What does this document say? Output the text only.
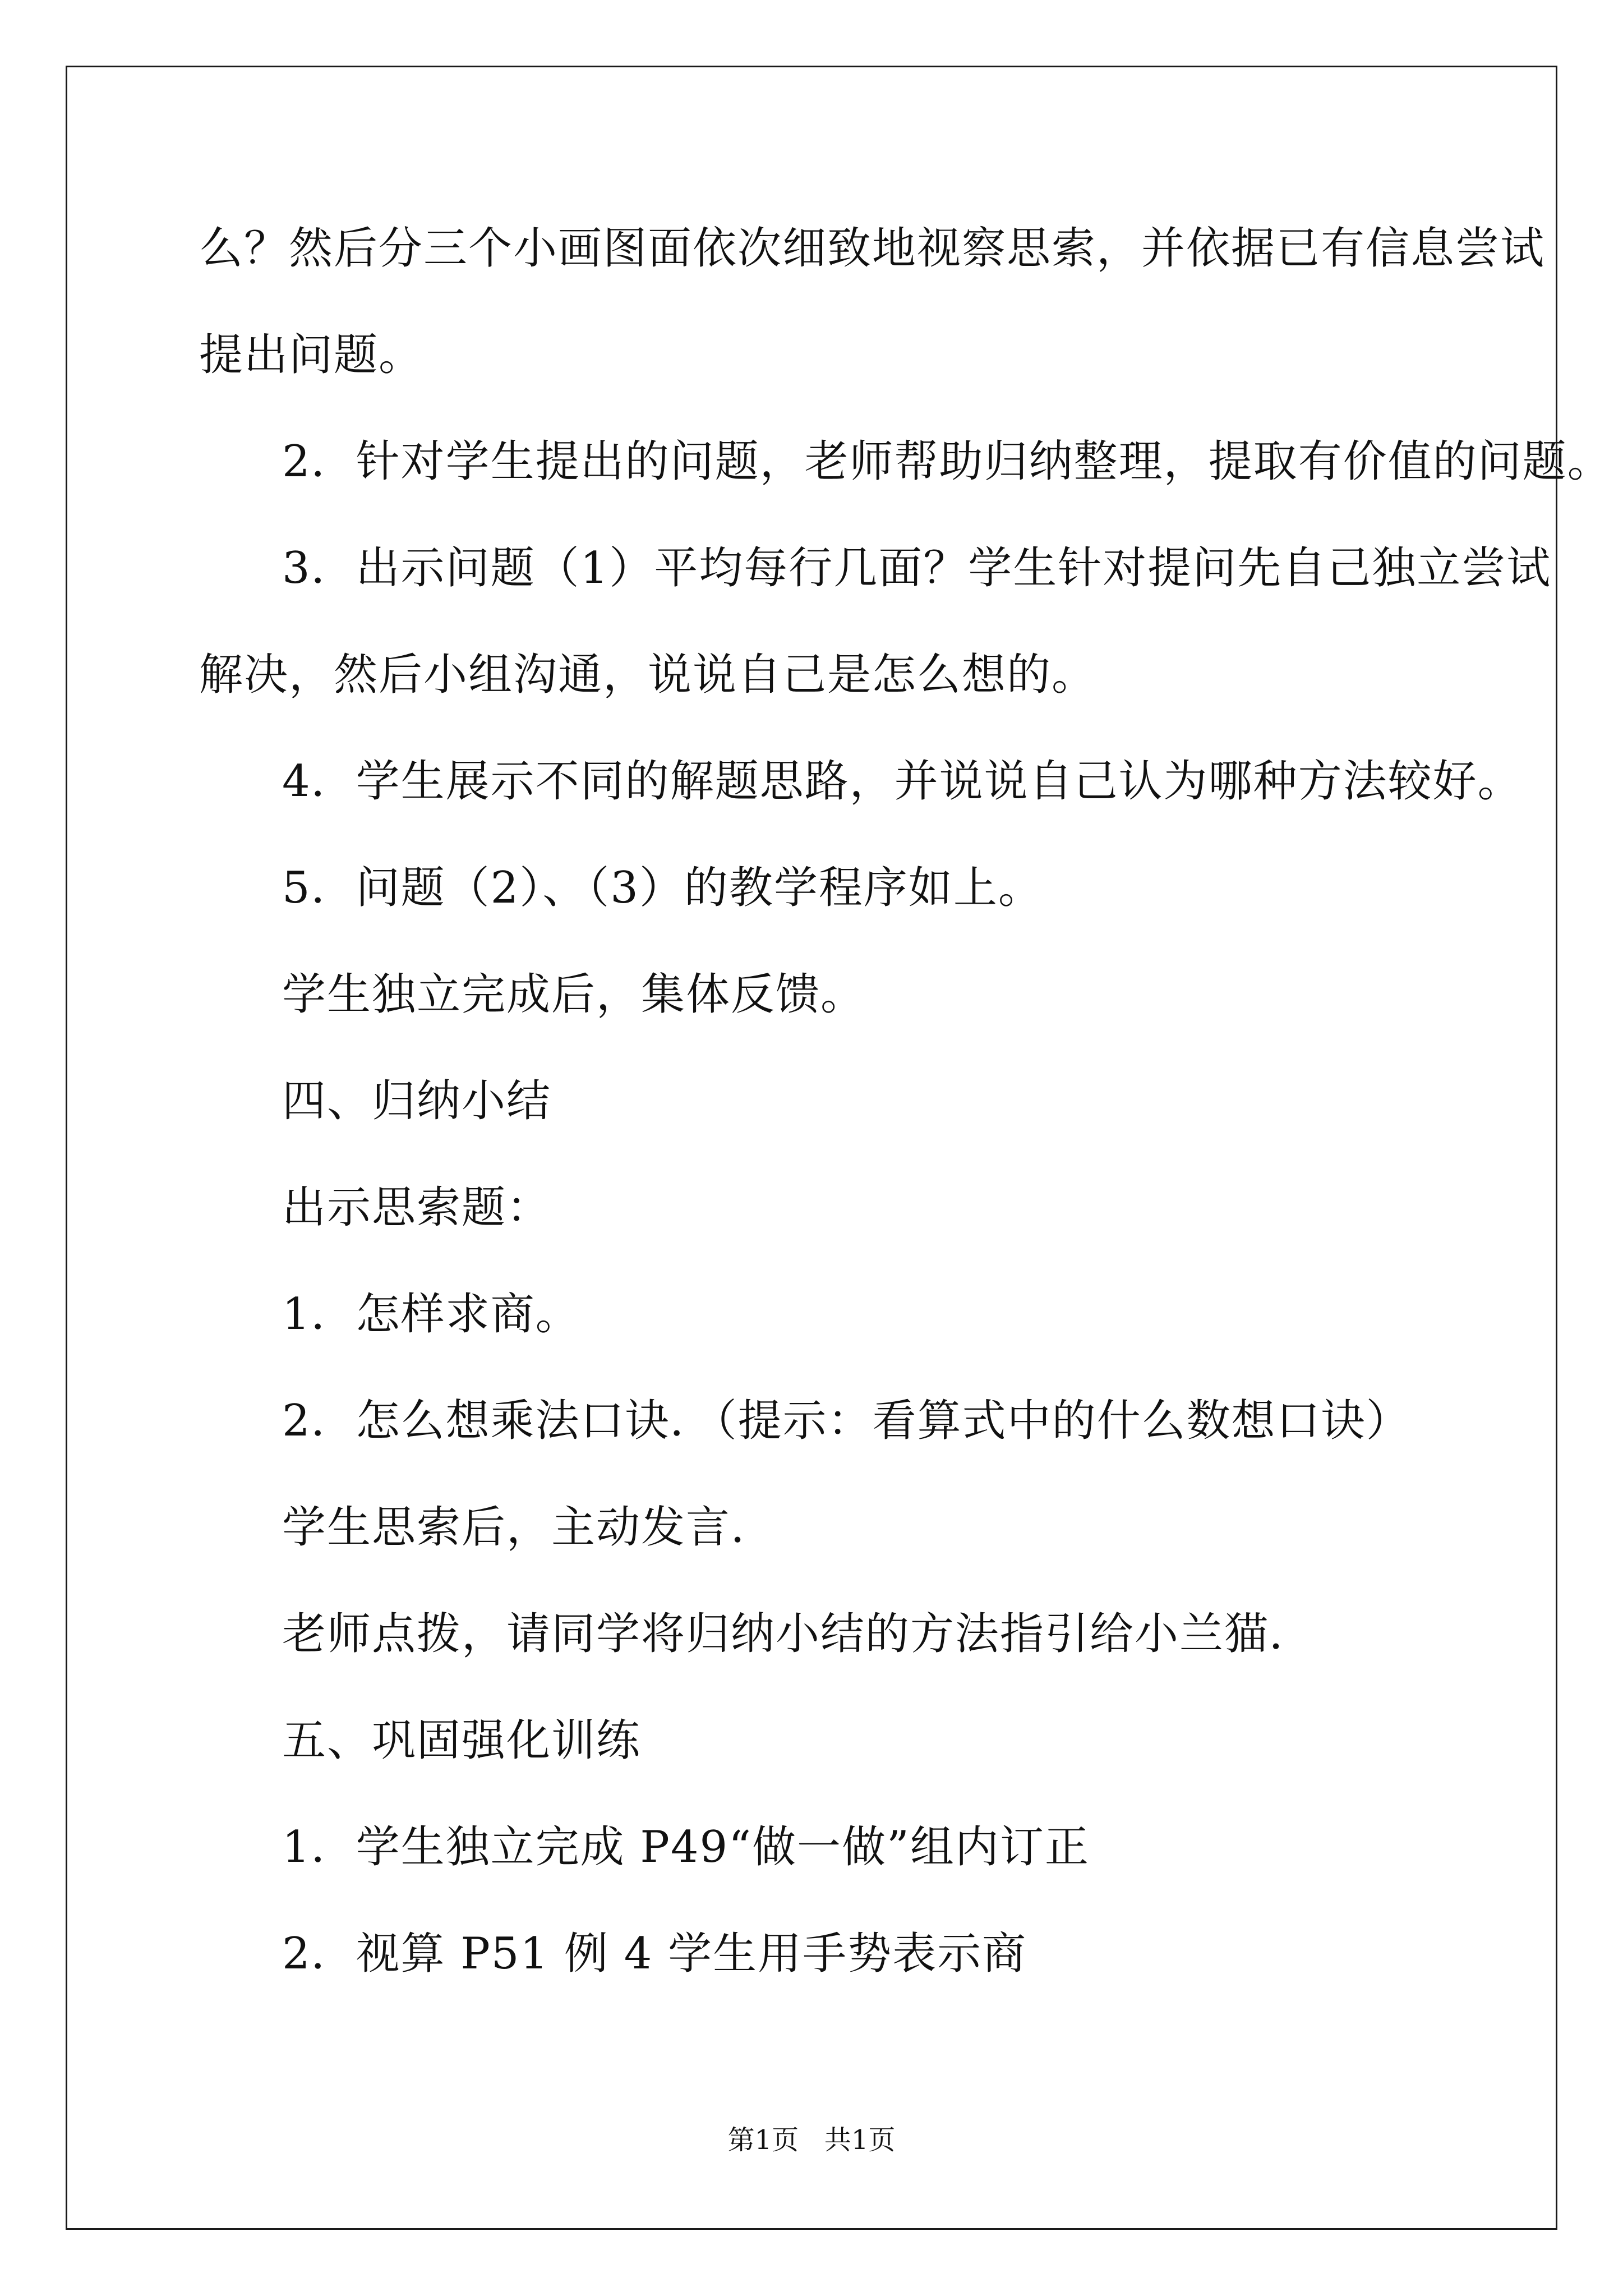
么？然后分三个小画图面依次细致地视察思索，并依据已有信息尝试
提出问题。
2．针对学生提出的问题，老师帮助归纳整理，提取有价值的问题。
3．出示问题（1）平均每行几面？学生针对提问先自己独立尝试
解决，然后小组沟通，说说自己是怎么想的。
4．学生展示不同的解题思路，并说说自己认为哪种方法较好。
5．问题（2）、（3）的教学程序如上。
学生独立完成后，集体反馈。
四、归纳小结
出示思索题：
1．怎样求商。
2．怎么想乘法口诀．（提示：看算式中的什么数想口诀）
学生思索后，主动发言．
老师点拨，请同学将归纳小结的方法指引给小兰猫．
五、巩固强化训练
1．学生独立完成 P49“做一做”组内订正
2．视算 P51 例 4 学生用手势表示商
第1页 共1页
